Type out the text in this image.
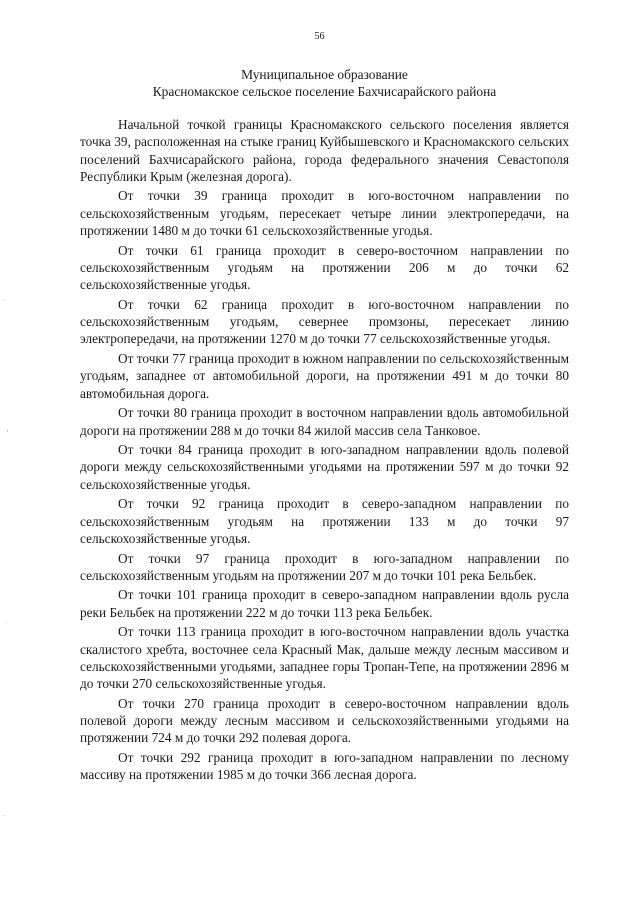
56
Муниципальное образование
Красномакское сельское поселение Бахчисарайского района

Начальной точкой границы Красномакского сельского поселения является точка 39, расположенная на стыке границ Куйбышевского и Красномакского сельских поселений Бахчисарайского района, города федерального значения Севастополя Республики Крым (железная дорога).

От точки 39 граница проходит в юго-восточном направлении по сельскохозяйственным угодьям, пересекает четыре линии электропередачи, на протяжении 1480 м до точки 61 сельскохозяйственные угодья.

От точки 61 граница проходит в северо-восточном направлении по сельскохозяйственным угодьям на протяжении 206 м до точки 62 сельскохозяйственные угодья.

От точки 62 граница проходит в юго-восточном направлении по сельскохозяйственным угодьям, севернее промзоны, пересекает линию электропередачи, на протяжении 1270 м до точки 77 сельскохозяйственные угодья.

От точки 77 граница проходит в южном направлении по сельскохозяйственным угодьям, западнее от автомобильной дороги, на протяжении 491 м до точки 80 автомобильная дорога.

От точки 80 граница проходит в восточном направлении вдоль автомобильной дороги на протяжении 288 м до точки 84 жилой массив села Танковое.

От точки 84 граница проходит в юго-западном направлении вдоль полевой дороги между сельскохозяйственными угодьями на протяжении 597 м до точки 92 сельскохозяйственные угодья.

От точки 92 граница проходит в северо-западном направлении по сельскохозяйственным угодьям на протяжении 133 м до точки 97 сельскохозяйственные угодья.

От точки 97 граница проходит в юго-западном направлении по сельскохозяйственным угодьям на протяжении 207 м до точки 101 река Бельбек.

От точки 101 граница проходит в северо-западном направлении вдоль русла реки Бельбек на протяжении 222 м до точки 113 река Бельбек.

От точки 113 граница проходит в юго-восточном направлении вдоль участка скалистого хребта, восточнее села Красный Мак, дальше между лесным массивом и сельскохозяйственными угодьями, западнее горы Тропан-Тепе, на протяжении 2896 м до точки 270 сельскохозяйственные угодья.

От точки 270 граница проходит в северо-восточном направлении вдоль полевой дороги между лесным массивом и сельскохозяйственными угодьями на протяжении 724 м до точки 292 полевая дорога.

От точки 292 граница проходит в юго-западном направлении по лесному массиву на протяжении 1985 м до точки 366 лесная дорога.
